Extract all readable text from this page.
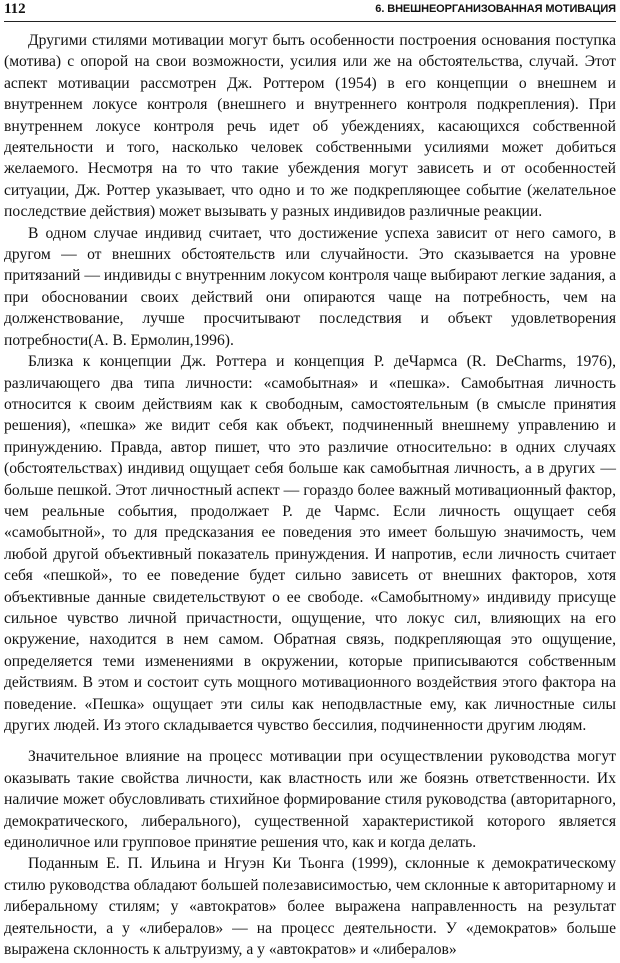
112	6. ВНЕШНЕОРГАНИЗОВАННАЯ МОТИВАЦИЯ

Другими стилями мотивации могут быть особенности построения основания поступка (мотива) с опорой на свои возможности, усилия или же на обстоятельства, случай. Этот аспект мотивации рассмотрен Дж. Роттером (1954) в его концепции о внешнем и внутреннем локусе контроля (внешнего и внутреннего контроля подкрепления). При внутреннем локусе контроля речь идет об убеждениях, касающихся собственной деятельности и того, насколько человек собственными усилиями может добиться желаемого. Несмотря на то что такие убеждения могут зависеть и от особенностей ситуации, Дж. Роттер указывает, что одно и то же подкрепляющее событие (желательное последствие действия) может вызывать у разных индивидов различные реакции.

В одном случае индивид считает, что достижение успеха зависит от него самого, в другом — от внешних обстоятельств или случайности. Это сказывается на уровне притязаний — индивиды с внутренним локусом контроля чаще выбирают легкие задания, а при обосновании своих действий они опираются чаще на потребность, чем на долженствование, лучше просчитывают последствия и объект удовлетворения потребности(А. В. Ермолин,1996).

Близка к концепции Дж. Роттера и концепция Р. деЧармса (R. DeCharms, 1976), различающего два типа личности: «самобытная» и «пешка». Самобытная личность относится к своим действиям как к свободным, самостоятельным (в смысле принятия решения), «пешка» же видит себя как объект, подчиненный внешнему управлению и принуждению. Правда, автор пишет, что это различие относительно: в одних случаях (обстоятельствах) индивид ощущает себя больше как самобытная личность, а в других — больше пешкой. Этот личностный аспект — гораздо более важный мотивационный фактор, чем реальные события, продолжает Р. де Чармс. Если личность ощущает себя «самобытной», то для предсказания ее поведения это имеет большую значимость, чем любой другой объективный показатель принуждения. И напротив, если личность считает себя «пешкой», то ее поведение будет сильно зависеть от внешних факторов, хотя объективные данные свидетельствуют о ее свободе. «Самобытному» индивиду присуще сильное чувство личной причастности, ощущение, что локус сил, влияющих на его окружение, находится в нем самом. Обратная связь, подкрепляющая это ощущение, определяется теми изменениями в окружении, которые приписываются собственным действиям. В этом и состоит суть мощного мотивационного воздействия этого фактора на поведение. «Пешка» ощущает эти силы как неподвластные ему, как личностные силы других людей. Из этого складывается чувство бессилия, подчиненности другим людям.

Значительное влияние на процесс мотивации при осуществлении руководства могут оказывать такие свойства личности, как властность или же боязнь ответственности. Их наличие может обусловливать стихийное формирование стиля руководства (авторитарного, демократического, либерального), существенной характеристикой которого является единоличное или групповое принятие решения что, как и когда делать.

Поданным Е. П. Ильина и Нгуэн Ки Тьонга (1999), склонные к демократическому стилю руководства обладают большей полезависимостью, чем склонные к авторитарному и либеральному стилям; у «автократов» более выражена направленность на результат деятельности, а у «либералов» — на процесс деятельности. У «демократов» больше выражена склонность к альтруизму, а у «автократов» и «либералов»
